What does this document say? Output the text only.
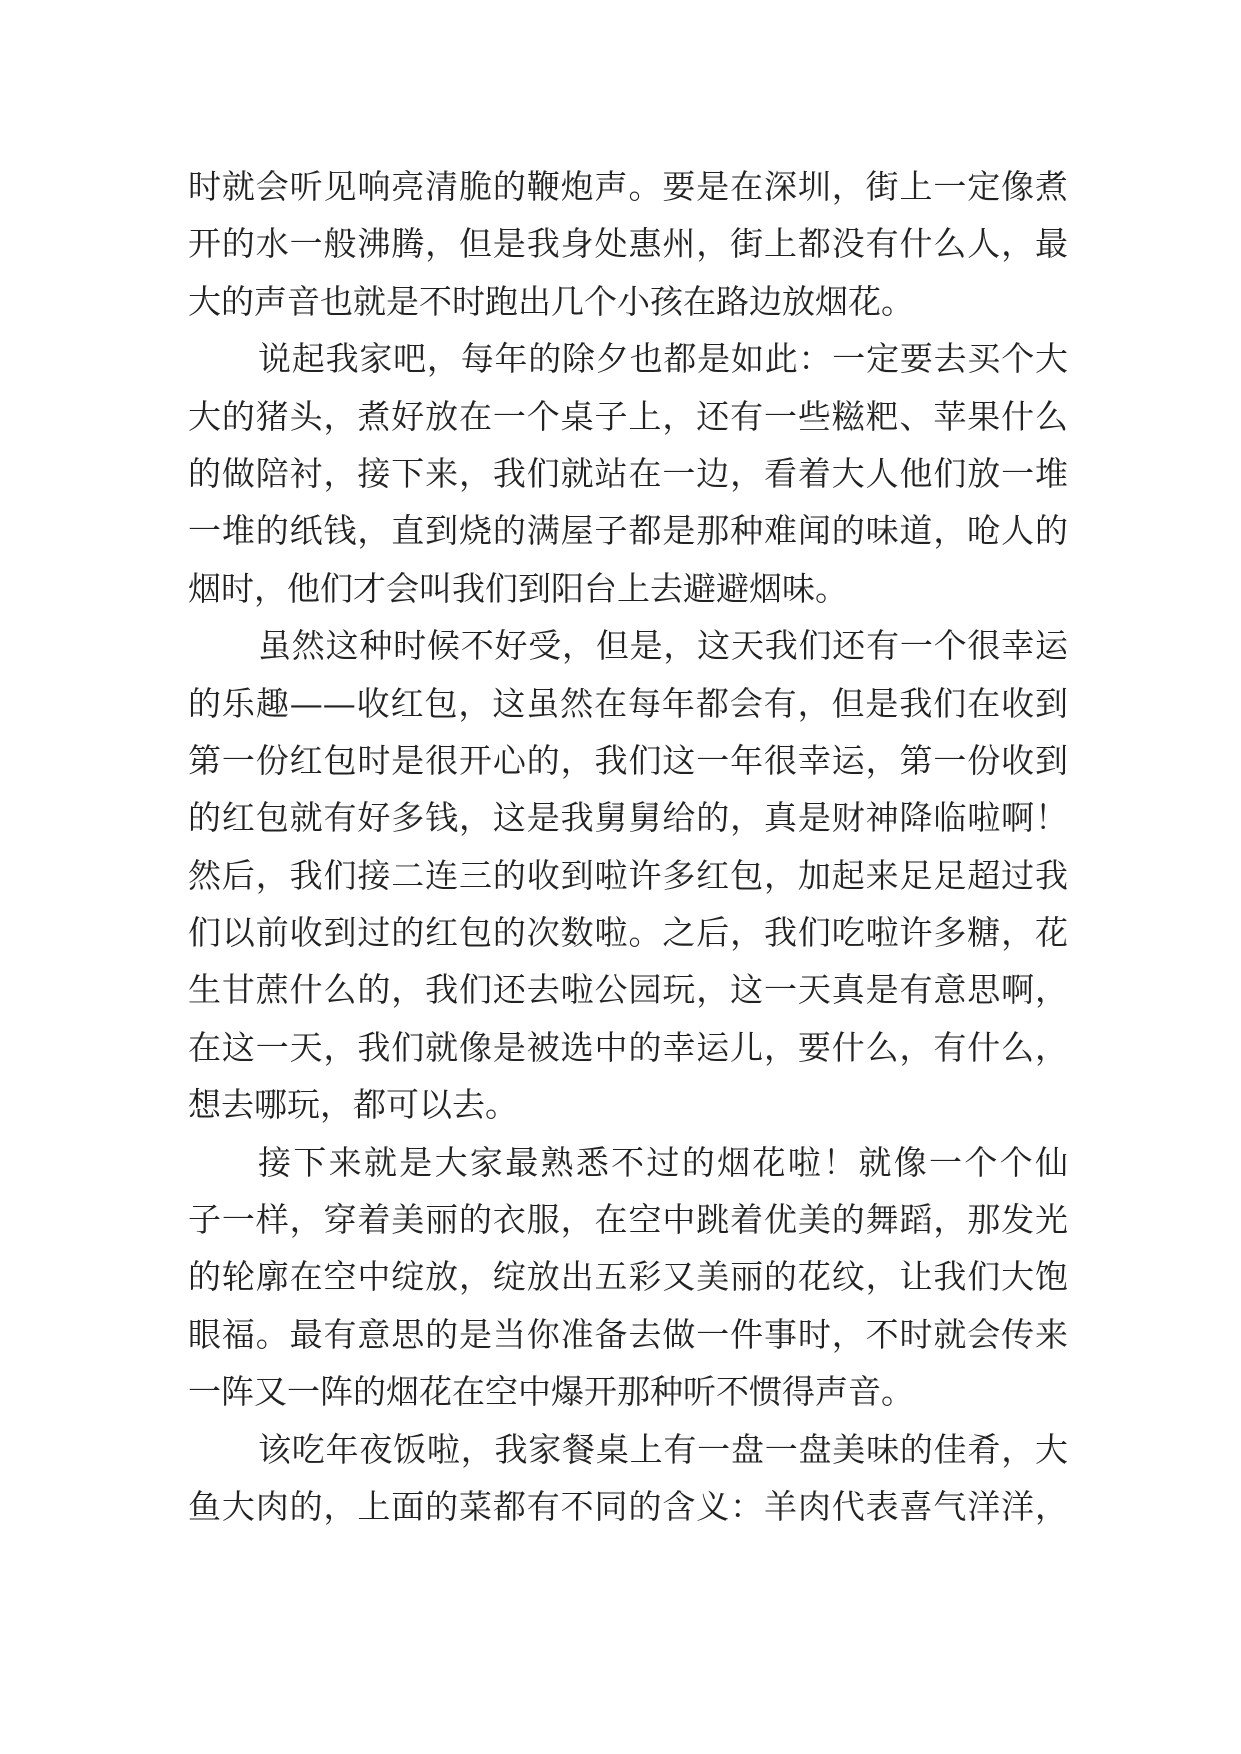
时就会听见响亮清脆的鞭炮声。要是在深圳，街上一定像煮
开的水一般沸腾，但是我身处惠州，街上都没有什么人，最
大的声音也就是不时跑出几个小孩在路边放烟花。
说起我家吧，每年的除夕也都是如此：一定要去买个大
大的猪头，煮好放在一个桌子上，还有一些糍粑、苹果什么
的做陪衬，接下来，我们就站在一边，看着大人他们放一堆
一堆的纸钱，直到烧的满屋子都是那种难闻的味道，呛人的
烟时，他们才会叫我们到阳台上去避避烟味。
虽然这种时候不好受，但是，这天我们还有一个很幸运
的乐趣——收红包，这虽然在每年都会有，但是我们在收到
第一份红包时是很开心的，我们这一年很幸运，第一份收到
的红包就有好多钱，这是我舅舅给的，真是财神降临啦啊！
然后，我们接二连三的收到啦许多红包，加起来足足超过我
们以前收到过的红包的次数啦。之后，我们吃啦许多糖，花
生甘蔗什么的，我们还去啦公园玩，这一天真是有意思啊，
在这一天，我们就像是被选中的幸运儿，要什么，有什么，
想去哪玩，都可以去。
接下来就是大家最熟悉不过的烟花啦！就像一个个仙
子一样，穿着美丽的衣服，在空中跳着优美的舞蹈，那发光
的轮廓在空中绽放，绽放出五彩又美丽的花纹，让我们大饱
眼福。最有意思的是当你准备去做一件事时，不时就会传来
一阵又一阵的烟花在空中爆开那种听不惯得声音。
该吃年夜饭啦，我家餐桌上有一盘一盘美味的佳肴，大
鱼大肉的，上面的菜都有不同的含义：羊肉代表喜气洋洋，
